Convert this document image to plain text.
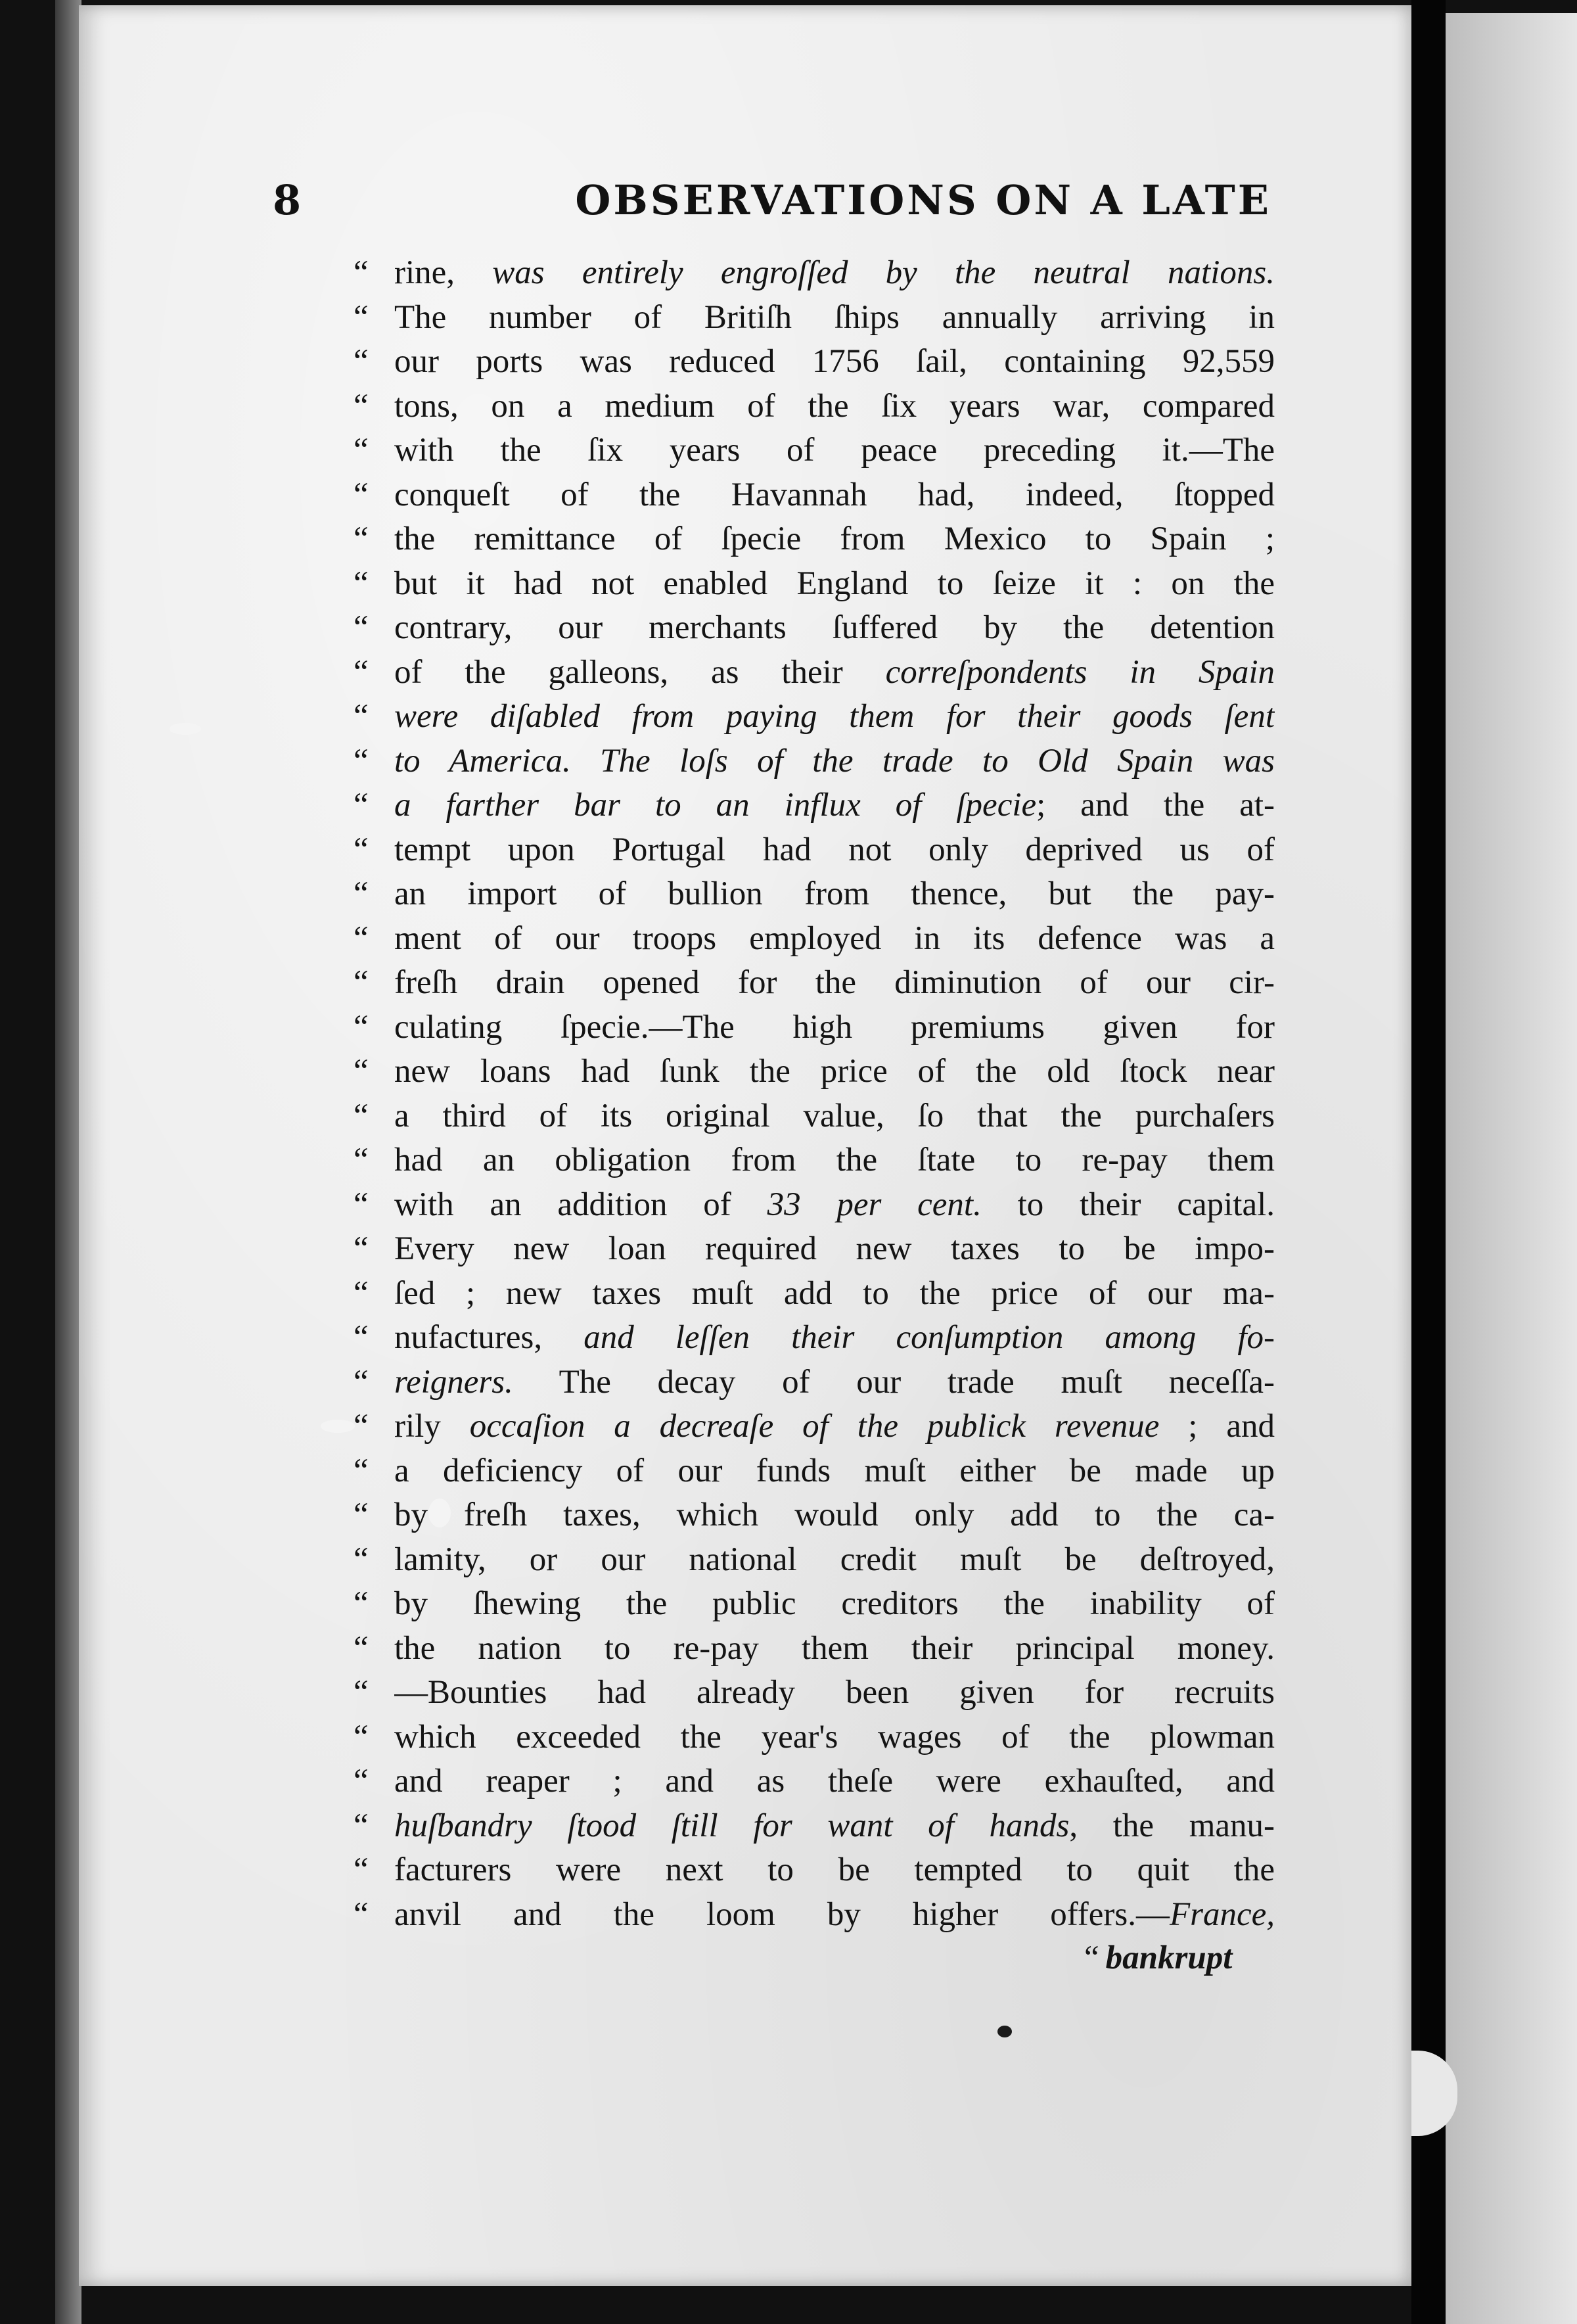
8	OBSERVATIONS ON A LATE
“ rine, was entirely engroſſed by the neutral nations.
“ The number of Britiſh ſhips annually arriving in
“ our ports was reduced 1756 ſail, containing 92,559
“ tons, on a medium of the ſix years war, compared
“ with the ſix years of peace preceding it.—The
“ conqueſt of the Havannah had, indeed, ſtopped
“ the remittance of ſpecie from Mexico to Spain ;
“ but it had not enabled England to ſeize it : on the
“ contrary, our merchants ſuffered by the detention
“ of the galleons, as their correſpondents in Spain
“ were diſabled from paying them for their goods ſent
“ to America. The loſs of the trade to Old Spain was
“ a farther bar to an influx of ſpecie; and the at-
“ tempt upon Portugal had not only deprived us of
“ an import of bullion from thence, but the pay-
“ ment of our troops employed in its defence was a
“ freſh drain opened for the diminution of our cir-
“ culating ſpecie.—The high premiums given for
“ new loans had ſunk the price of the old ſtock near
“ a third of its original value, ſo that the purchaſers
“ had an obligation from the ſtate to re-pay them
“ with an addition of 33 per cent. to their capital.
“ Every new loan required new taxes to be impo-
“ ſed ; new taxes muſt add to the price of our ma-
“ nufactures, and leſſen their conſumption among fo-
“ reigners. The decay of our trade muſt neceſſa-
“ rily occaſion a decreaſe of the publick revenue ; and
“ a deficiency of our funds muſt either be made up
“ by freſh taxes, which would only add to the ca-
“ lamity, or our national credit muſt be deſtroyed,
“ by ſhewing the public creditors the inability of
“ the nation to re-pay them their principal money.
“ —Bounties had already been given for recruits
“ which exceeded the year's wages of the plowman
“ and reaper ; and as theſe were exhauſted, and
“ huſbandry ſtood ſtill for want of hands, the manu-
“ facturers were next to be tempted to quit the
“ anvil and the loom by higher offers.—France,
“ bankrupt
